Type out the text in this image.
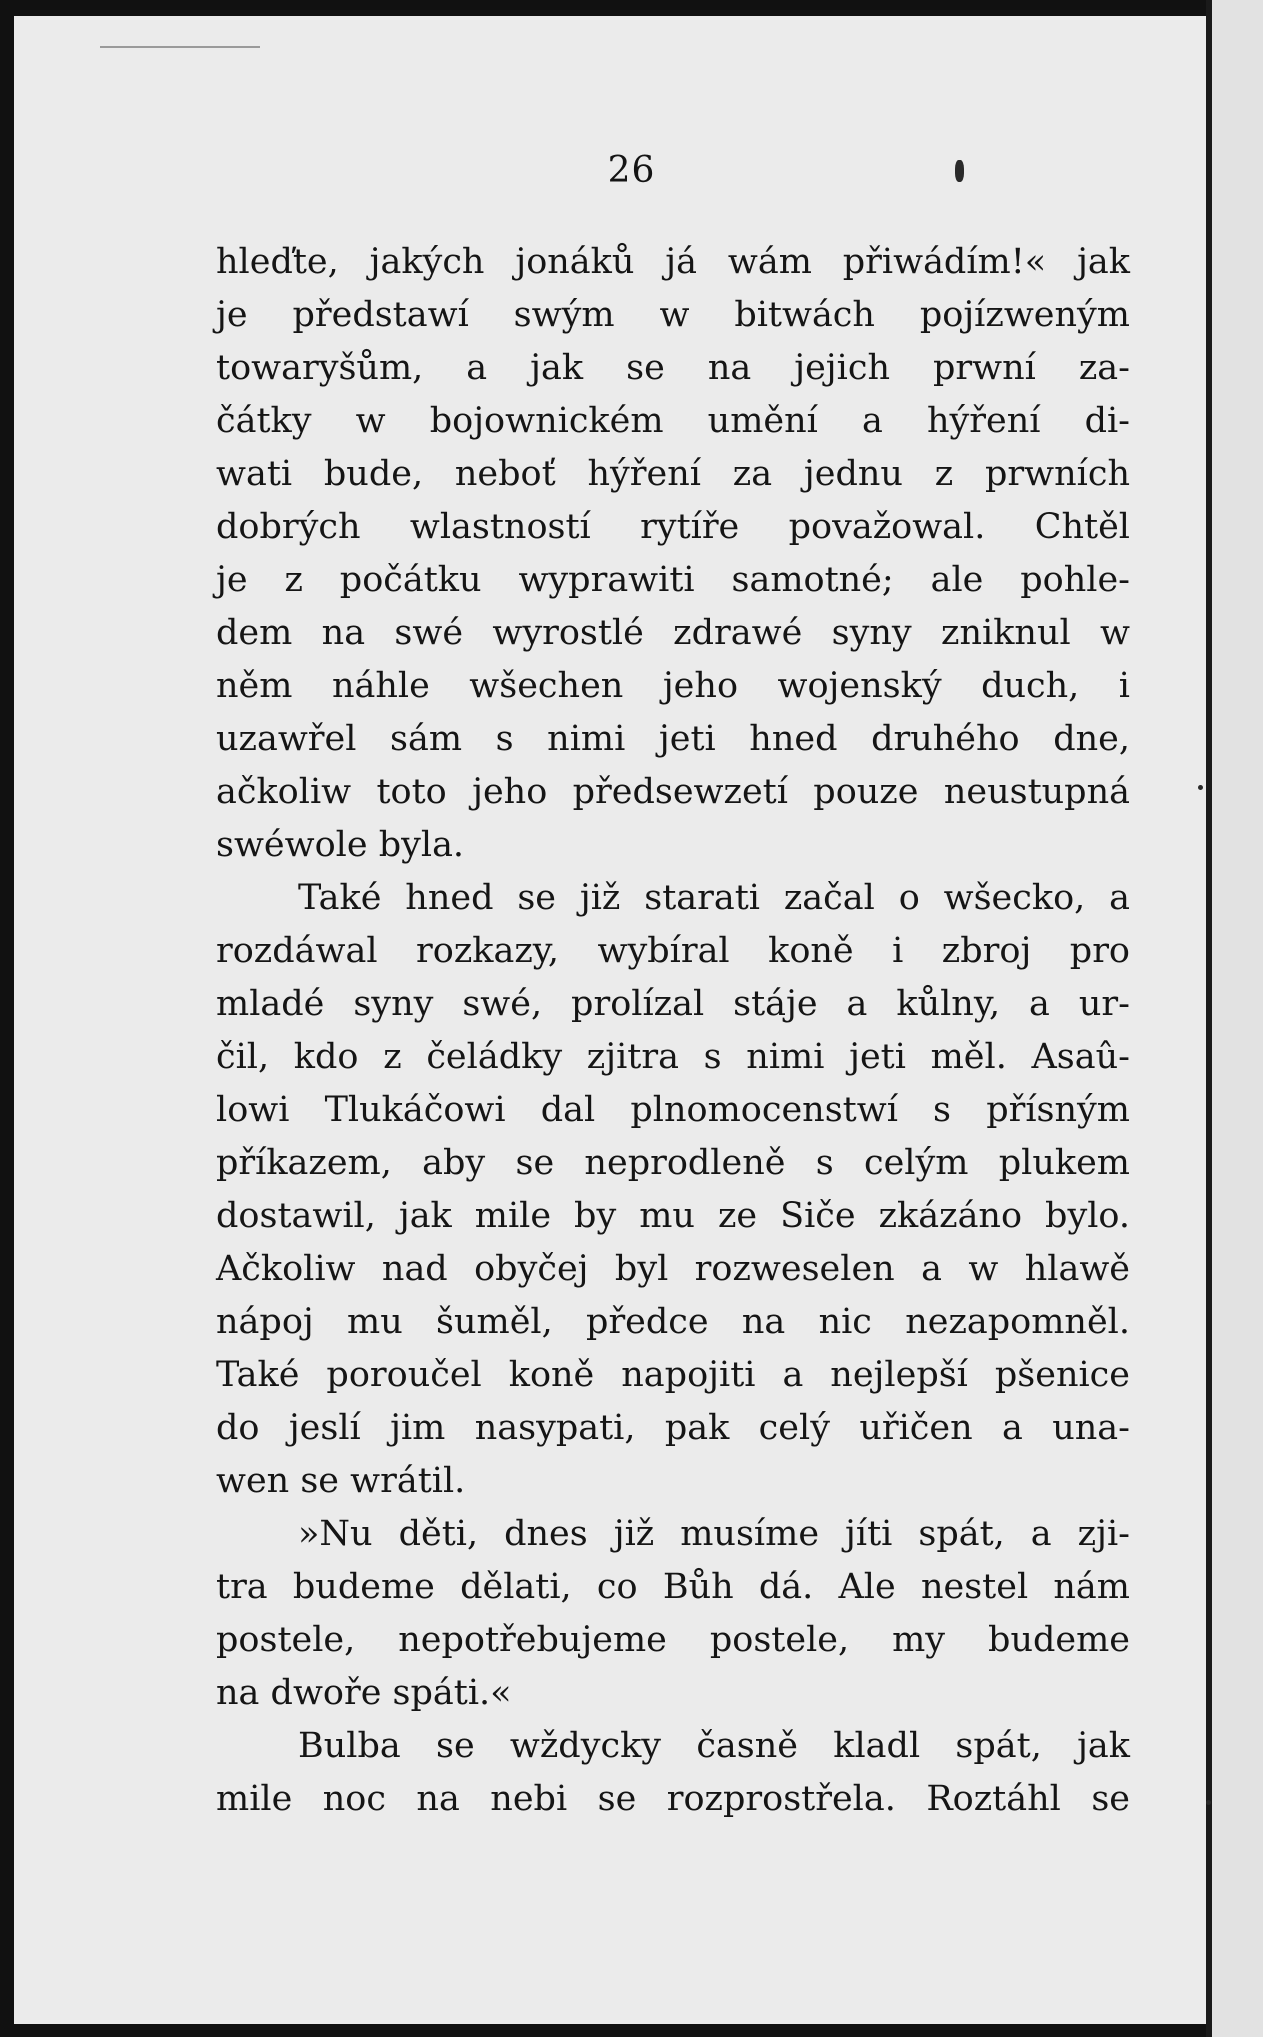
26
hleďte, jakých jonáků já wám přiwádím!« jak
je předstawí swým w bitwách pojízweným
towaryšům, a jak se na jejich prwní za-
čátky w bojownickém umění a hýření di-
wati bude, neboť hýření za jednu z prwních
dobrých wlastností rytíře považowal. Chtěl
je z počátku wyprawiti samotné; ale pohle-
dem na swé wyrostlé zdrawé syny zniknul w
něm náhle wšechen jeho wojenský duch, i
uzawřel sám s nimi jeti hned druhého dne,
ačkoliw toto jeho předsewzetí pouze neustupná
swéwole byla.
Také hned se již starati začal o wšecko, a
rozdáwal rozkazy, wybíral koně i zbroj pro
mladé syny swé, prolízal stáje a kůlny, a ur-
čil, kdo z čeládky zjitra s nimi jeti měl. Asaû-
lowi Tlukáčowi dal plnomocenstwí s přísným
příkazem, aby se neprodleně s celým plukem
dostawil, jak mile by mu ze Siče zkázáno bylo.
Ačkoliw nad obyčej byl rozweselen a w hlawě
nápoj mu šuměl, předce na nic nezapomněl.
Také poroučel koně napojiti a nejlepší pšenice
do jeslí jim nasypati, pak celý uřičen a una-
wen se wrátil.
»Nu děti, dnes již musíme jíti spát, a zji-
tra budeme dělati, co Bůh dá. Ale nestel nám
postele, nepotřebujeme postele, my budeme
na dwoře spáti.«
Bulba se wždycky časně kladl spát, jak
mile noc na nebi se rozprostřela. Roztáhl se
